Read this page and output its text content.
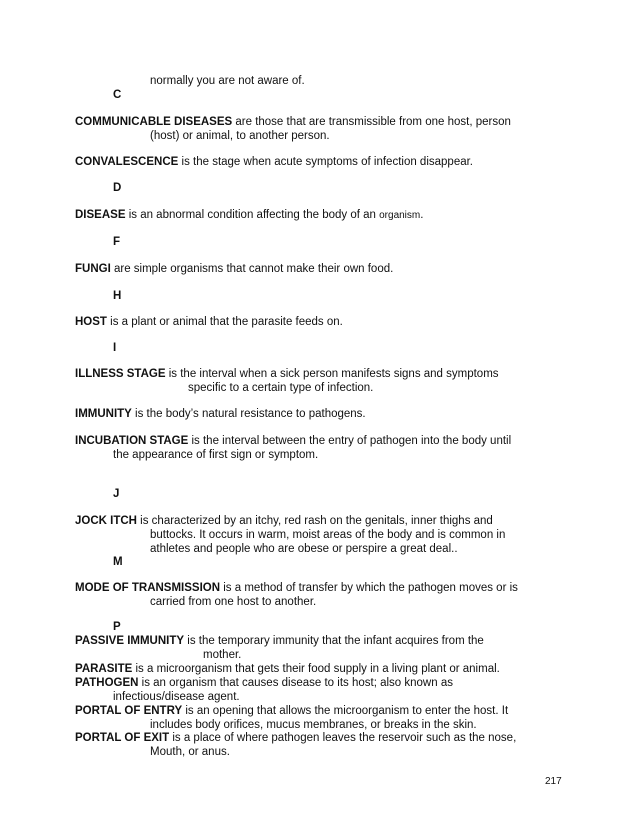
normally you are not aware of.
C
COMMUNICABLE DISEASES are those that are transmissible from one host, person
(host) or animal, to another person.
CONVALESCENCE is the stage when acute symptoms of infection disappear.
D
DISEASE is an abnormal condition affecting the body of an organism.
F
FUNGI are simple organisms that cannot make their own food.
H
HOST is a plant or animal that the parasite feeds on.
I
ILLNESS STAGE is the interval when a sick person manifests signs and symptoms
specific to a certain type of infection.
IMMUNITY is the body’s natural resistance to pathogens.
INCUBATION STAGE is the interval between the entry of pathogen into the body until
the appearance of first sign or symptom.
J
JOCK ITCH is characterized by an itchy, red rash on the genitals, inner thighs and
buttocks. It occurs in warm, moist areas of the body and is common in
athletes and people who are obese or perspire a great deal..
M
MODE OF TRANSMISSION is a method of transfer by which the pathogen moves or is
carried from one host to another.
P
PASSIVE IMMUNITY is the temporary immunity that the infant acquires from the
mother.
PARASITE is a microorganism that gets their food supply in a living plant or animal.
PATHOGEN is an organism that causes disease to its host; also known as
infectious/disease agent.
PORTAL OF ENTRY is an opening that allows the microorganism to enter the host. It
includes body orifices, mucus membranes, or breaks in the skin.
PORTAL OF EXIT is a place of where pathogen leaves the reservoir such as the nose,
Mouth, or anus.
217
